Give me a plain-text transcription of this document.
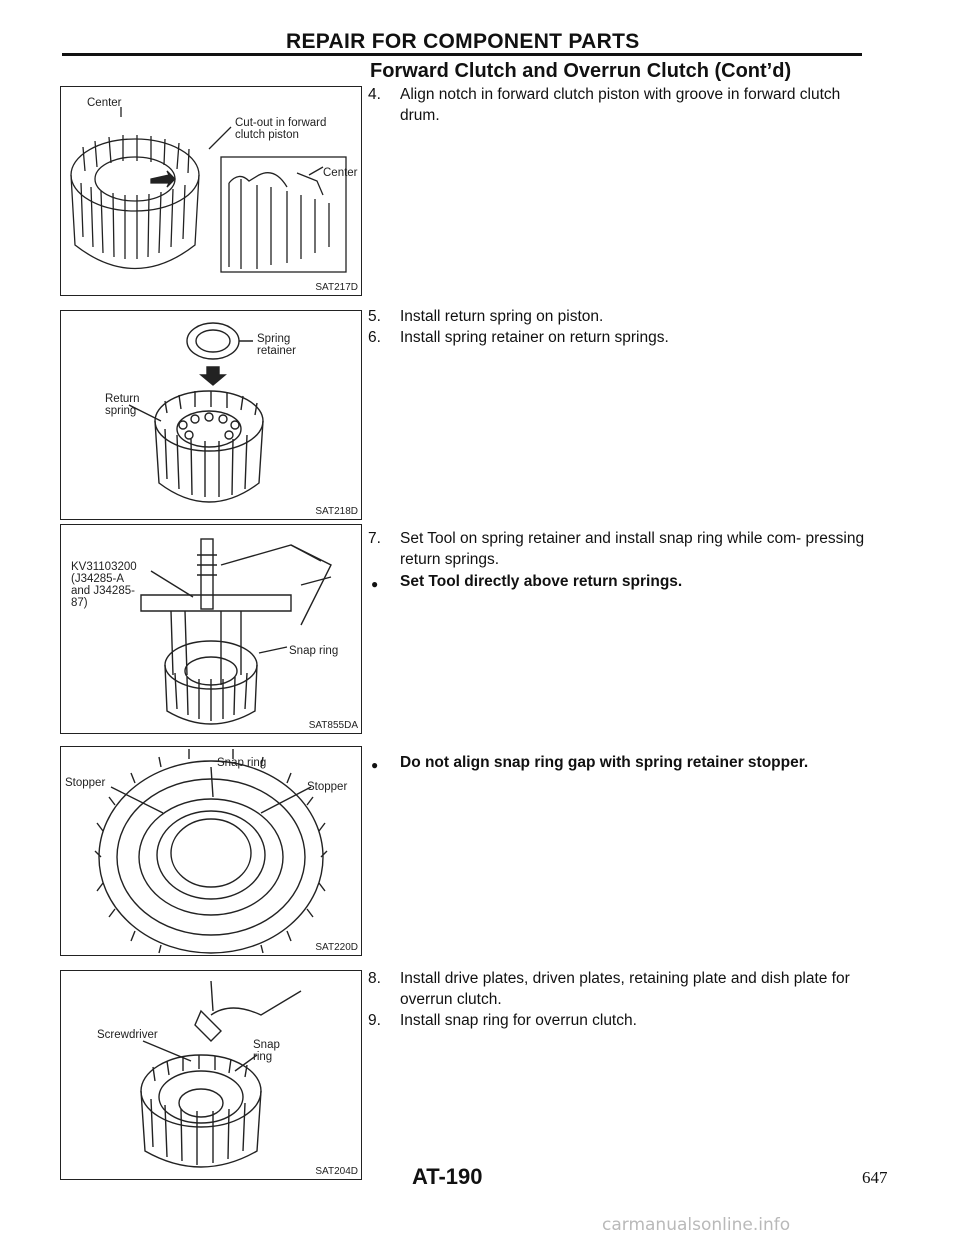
REPAIR FOR COMPONENT PARTS
Forward Clutch and Overrun Clutch (Cont’d)
Center
Cut-out in forward clutch piston
Center
SAT217D
Spring retainer
Return spring
SAT218D
KV31103200 (J34285-A and J34285-87)
Snap ring
SAT855DA
Snap ring
Stopper	Stopper
SAT220D
Screwdriver
Snap ring
SAT204D
4. Align notch in forward clutch piston with groove in forward clutch drum.
5. Install return spring on piston.
6. Install spring retainer on return springs.
7. Set Tool on spring retainer and install snap ring while com- pressing return springs.
● Set Tool directly above return springs.
● Do not align snap ring gap with spring retainer stopper.
8. Install drive plates, driven plates, retaining plate and dish plate for overrun clutch.
9. Install snap ring for overrun clutch.
AT-190	647
carmanualsonline.info
